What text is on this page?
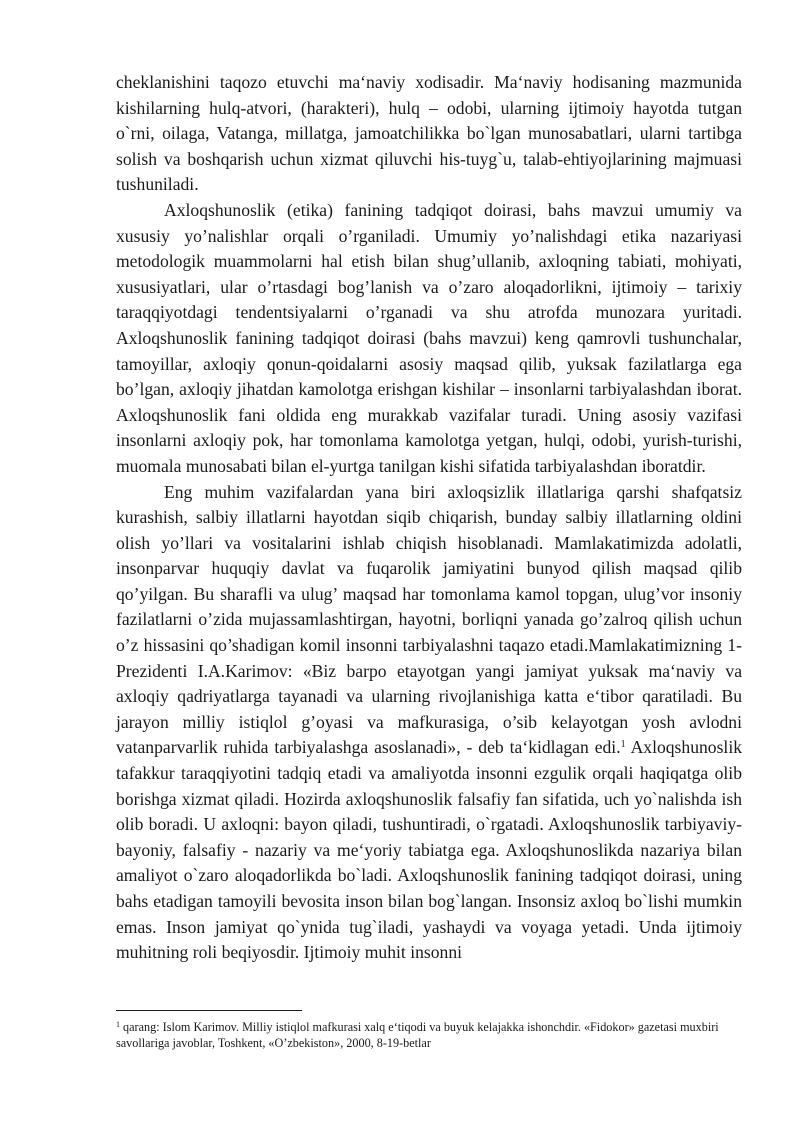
cheklanishini taqozo etuvchi ma‘naviy xodisadir. Ma‘naviy hodisaning mazmunida kishilarning hulq-atvori, (harakteri), hulq – odobi, ularning ijtimoiy hayotda tutgan o`rni, oilaga, Vatanga, millatga, jamoatchilikka bo`lgan munosabatlari, ularni tartibga solish va boshqarish uchun xizmat qiluvchi his-tuyg`u, talab-ehtiyojlarining majmuasi tushuniladi.

Axloqshunoslik (etika) fanining tadqiqot doirasi, bahs mavzui umumiy va xususiy yo’nalishlar orqali o’rganiladi. Umumiy yo’nalishdagi etika nazariyasi metodologik muammolarni hal etish bilan shug’ullanib, axloqning tabiati, mohiyati, xususiyatlari, ular o’rtasdagi bog’lanish va o’zaro aloqadorlikni, ijtimoiy – tarixiy taraqqiyotdagi tendentsiyalarni o’rganadi va shu atrofda munozara yuritadi. Axloqshunoslik fanining tadqiqot doirasi (bahs mavzui) keng qamrovli tushunchalar, tamoyillar, axloqiy qonun-qoidalarni asosiy maqsad qilib, yuksak fazilatlarga ega bo’lgan, axloqiy jihatdan kamolotga erishgan kishilar – insonlarni tarbiyalashdan iborat. Axloqshunoslik fani oldida eng murakkab vazifalar turadi. Uning asosiy vazifasi insonlarni axloqiy pok, har tomonlama kamolotga yetgan, hulqi, odobi, yurish-turishi, muomala munosabati bilan el-yurtga tanilgan kishi sifatida tarbiyalashdan iboratdir.

Eng muhim vazifalardan yana biri axloqsizlik illatlariga qarshi shafqatsiz kurashish, salbiy illatlarni hayotdan siqib chiqarish, bunday salbiy illatlarning oldini olish yo’llari va vositalarini ishlab chiqish hisoblanadi. Mamlakatimizda adolatli, insonparvar huquqiy davlat va fuqarolik jamiyatini bunyod qilish maqsad qilib qo’yilgan. Bu sharafli va ulug’ maqsad har tomonlama kamol topgan, ulug’vor insoniy fazilatlarni o’zida mujassamlashtirgan, hayotni, borliqni yanada go’zalroq qilish uchun o’z hissasini qo’shadigan komil insonni tarbiyalashni taqazo etadi.Mamlakatimizning 1-Prezidenti I.A.Karimov: «Biz barpo etayotgan yangi jamiyat yuksak ma‘naviy va axloqiy qadriyatlarga tayanadi va ularning rivojlanishiga katta e‘tibor qaratiladi. Bu jarayon milliy istiqlol g’oyasi va mafkurasiga, o’sib kelayotgan yosh avlodni vatanparvarlik ruhida tarbiyalashga asoslanadi», - deb ta‘kidlagan edi.$^1$ Axloqshunoslik tafakkur taraqqiyotini tadqiq etadi va amaliyotda insonni ezgulik orqali haqiqatga olib borishga xizmat qiladi. Hozirda axloqshunoslik falsafiy fan sifatida, uch yo`nalishda ish olib boradi. U axloqni: bayon qiladi, tushuntiradi, o`rgatadi. Axloqshunoslik tarbiyaviy-bayoniy, falsafiy - nazariy va me‘yoriy tabiatga ega. Axloqshunoslikda nazariya bilan amaliyot o`zaro aloqadorlikda bo`ladi. Axloqshunoslik fanining tadqiqot doirasi, uning bahs etadigan tamoyili bevosita inson bilan bog`langan. Insonsiz axloq bo`lishi mumkin emas. Inson jamiyat qo`ynida tug`iladi, yashaydi va voyaga yetadi. Unda ijtimoiy muhitning roli beqiyosdir. Ijtimoiy muhit insonni

$^1$ qarang: Islom Karimov. Milliy istiqlol mafkurasi xalq e‘tiqodi va buyuk kelajakka ishonchdir. «Fidokor» gazetasi muxbiri savollariga javoblar, Toshkent, «O’zbekiston», 2000, 8-19-betlar
